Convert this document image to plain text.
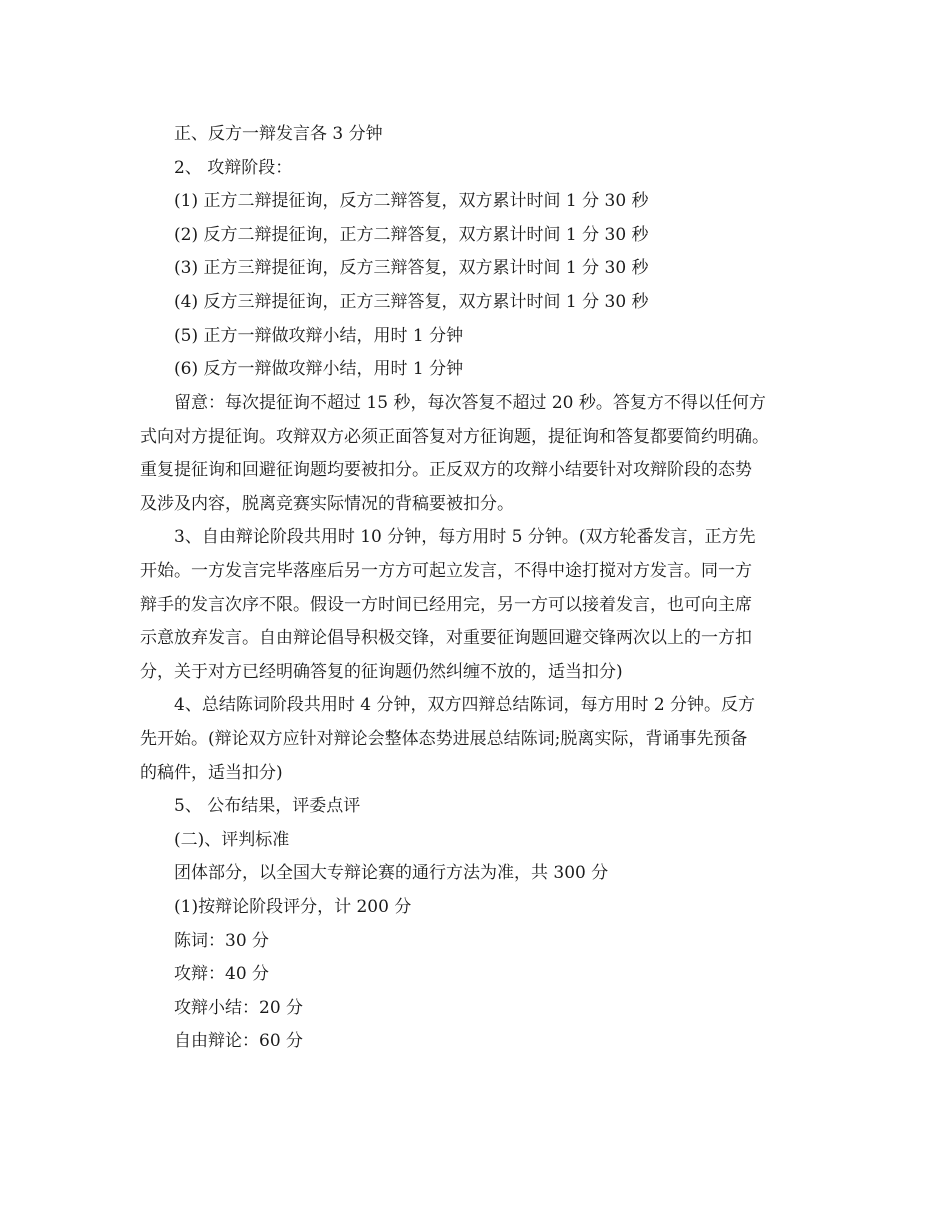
正、反方一辩发言各 3 分钟
2、 攻辩阶段：
(1) 正方二辩提征询，反方二辩答复，双方累计时间 1 分 30 秒
(2) 反方二辩提征询，正方二辩答复，双方累计时间 1 分 30 秒
(3) 正方三辩提征询，反方三辩答复，双方累计时间 1 分 30 秒
(4) 反方三辩提征询，正方三辩答复，双方累计时间 1 分 30 秒
(5) 正方一辩做攻辩小结，用时 1 分钟
(6) 反方一辩做攻辩小结，用时 1 分钟
留意：每次提征询不超过 15 秒，每次答复不超过 20 秒。答复方不得以任何方
式向对方提征询。攻辩双方必须正面答复对方征询题，提征询和答复都要简约明确。
重复提征询和回避征询题均要被扣分。正反双方的攻辩小结要针对攻辩阶段的态势
及涉及内容，脱离竞赛实际情况的背稿要被扣分。
3、自由辩论阶段共用时 10 分钟，每方用时 5 分钟。(双方轮番发言，正方先
开始。一方发言完毕落座后另一方方可起立发言，不得中途打搅对方发言。同一方
辩手的发言次序不限。假设一方时间已经用完，另一方可以接着发言，也可向主席
示意放弃发言。自由辩论倡导积极交锋，对重要征询题回避交锋两次以上的一方扣
分，关于对方已经明确答复的征询题仍然纠缠不放的，适当扣分)
4、总结陈词阶段共用时 4 分钟，双方四辩总结陈词，每方用时 2 分钟。反方
先开始。(辩论双方应针对辩论会整体态势进展总结陈词;脱离实际，背诵事先预备
的稿件，适当扣分)
5、 公布结果，评委点评
(二)、评判标准
团体部分，以全国大专辩论赛的通行方法为准，共 300 分
(1)按辩论阶段评分，计 200 分
陈词：30 分
攻辩：40 分
攻辩小结：20 分
自由辩论：60 分
